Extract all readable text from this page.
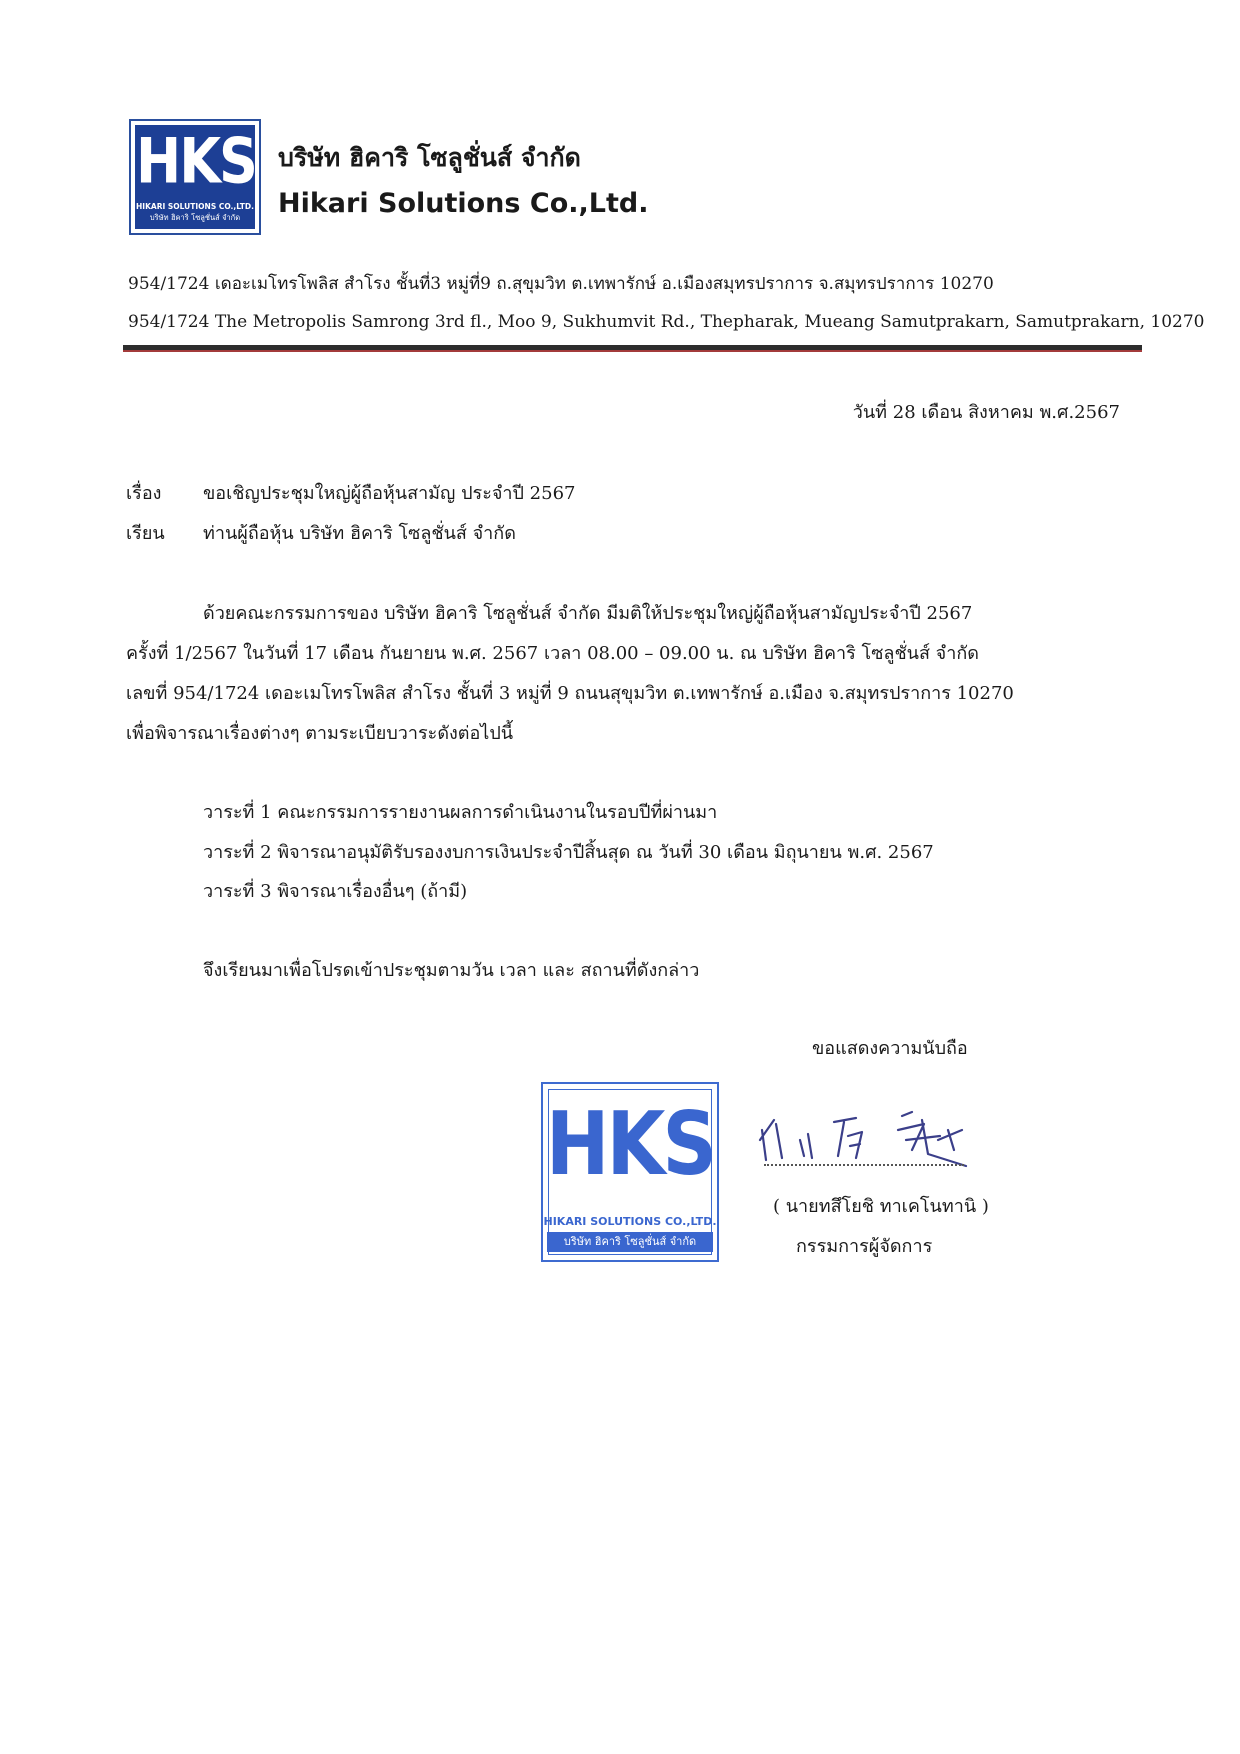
HKS
HIKARI SOLUTIONS CO.,LTD.
บริษัท ฮิคาริ โซลูชั่นส์ จำกัด
บริษัท ฮิคาริ โซลูชั่นส์ จำกัด
Hikari Solutions Co.,Ltd.
954/1724 เดอะเมโทรโพลิส สำโรง ชั้นที่3 หมู่ที่9 ถ.สุขุมวิท ต.เทพารักษ์ อ.เมืองสมุทรปราการ จ.สมุทรปราการ 10270
954/1724 The Metropolis Samrong 3rd fl., Moo 9, Sukhumvit Rd., Thepharak, Mueang Samutprakarn, Samutprakarn, 10270
วันที่ 28 เดือน สิงหาคม พ.ศ.2567
เรื่อง ขอเชิญประชุมใหญ่ผู้ถือหุ้นสามัญ ประจำปี 2567
เรียน ท่านผู้ถือหุ้น บริษัท ฮิคาริ โซลูชั่นส์ จำกัด
ด้วยคณะกรรมการของ บริษัท ฮิคาริ โซลูชั่นส์ จำกัด มีมติให้ประชุมใหญ่ผู้ถือหุ้นสามัญประจำปี 2567
ครั้งที่ 1/2567 ในวันที่ 17 เดือน กันยายน พ.ศ. 2567 เวลา 08.00 – 09.00 น. ณ บริษัท ฮิคาริ โซลูชั่นส์ จำกัด
เลขที่ 954/1724 เดอะเมโทรโพลิส สำโรง ชั้นที่ 3 หมู่ที่ 9 ถนนสุขุมวิท ต.เทพารักษ์ อ.เมือง จ.สมุทรปราการ 10270
เพื่อพิจารณาเรื่องต่างๆ ตามระเบียบวาระดังต่อไปนี้
วาระที่ 1 คณะกรรมการรายงานผลการดำเนินงานในรอบปีที่ผ่านมา
วาระที่ 2 พิจารณาอนุมัติรับรองงบการเงินประจำปีสิ้นสุด ณ วันที่ 30 เดือน มิถุนายน พ.ศ. 2567
วาระที่ 3 พิจารณาเรื่องอื่นๆ (ถ้ามี)
จึงเรียนมาเพื่อโปรดเข้าประชุมตามวัน เวลา และ สถานที่ดังกล่าว
ขอแสดงความนับถือ
HKS
HIKARI SOLUTIONS CO.,LTD.
บริษัท ฮิคาริ โซลูชั่นส์ จำกัด
( นายทสึโยชิ ทาเคโนทานิ )
กรรมการผู้จัดการ
